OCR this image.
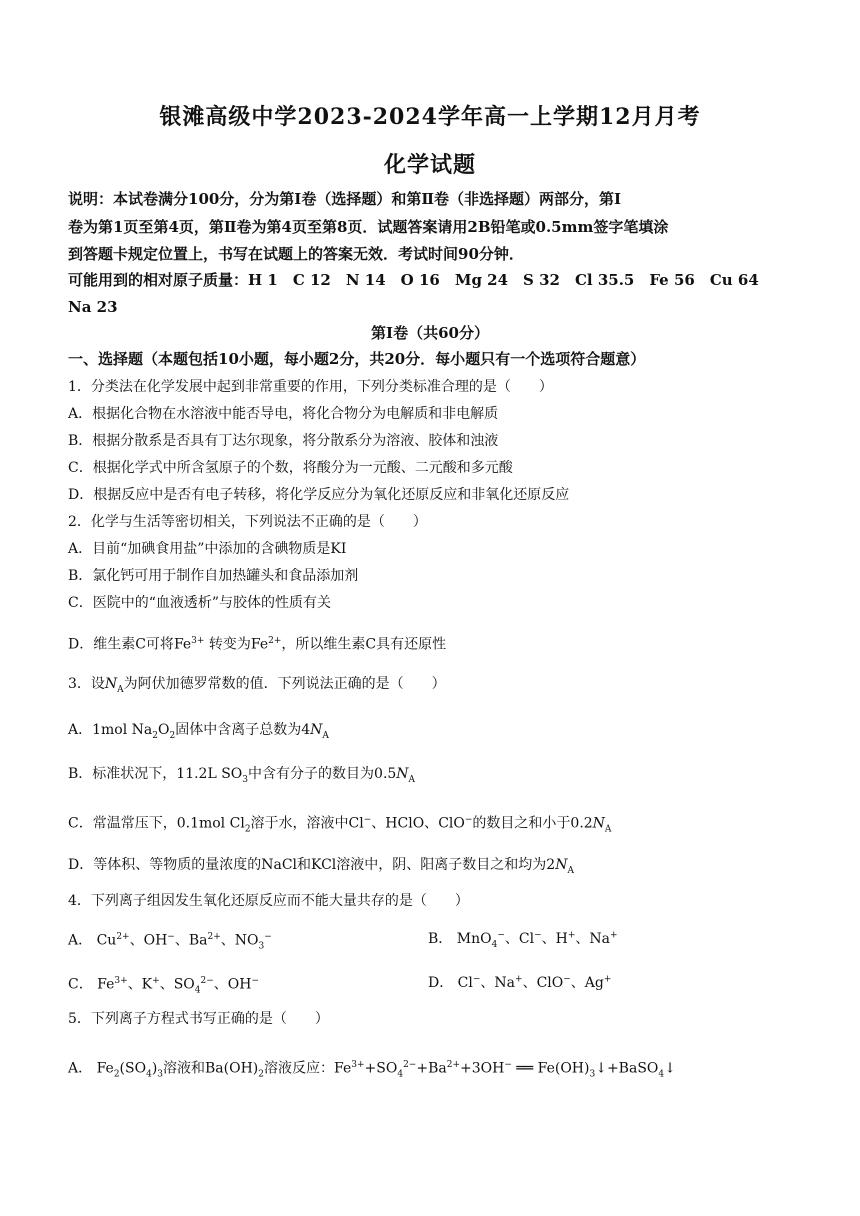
银滩高级中学2023-2024学年高一上学期12月月考
化学试题
说明：本试卷满分100分，分为第Ⅰ卷（选择题）和第Ⅱ卷（非选择题）两部分，第Ⅰ
卷为第1页至第4页，第Ⅱ卷为第4页至第8页．试题答案请用2B铅笔或0.5mm签字笔填涂
到答题卡规定位置上，书写在试题上的答案无效．考试时间90分钟．
可能用到的相对原子质量：H 1　C 12　N 14　O 16　Mg 24　S 32　Cl 35.5　Fe 56　Cu 64
Na 23
第Ⅰ卷（共60分）
一、选择题（本题包括10小题，每小题2分，共20分．每小题只有一个选项符合题意）
1．分类法在化学发展中起到非常重要的作用，下列分类标准合理的是（　　）
A．根据化合物在水溶液中能否导电，将化合物分为电解质和非电解质
B．根据分散系是否具有丁达尔现象，将分散系分为溶液、胶体和浊液
C．根据化学式中所含氢原子的个数，将酸分为一元酸、二元酸和多元酸
D．根据反应中是否有电子转移，将化学反应分为氧化还原反应和非氧化还原反应
2．化学与生活等密切相关，下列说法不正确的是（　　）
A．目前“加碘食用盐”中添加的含碘物质是KI
B．氯化钙可用于制作自加热罐头和食品添加剂
C．医院中的“血液透析”与胶体的性质有关
D．维生素C可将$Fe^{3+}$ 转变为$Fe^{2+}$，所以维生素C具有还原性
3．设$N_A$为阿伏加德罗常数的值．下列说法正确的是（　　）
A．1mol $Na_2O_2$固体中含离子总数为$4N_A$
B．标准状况下，11.2L $SO_3$中含有分子的数目为$0.5N_A$
C．常温常压下，0.1mol $Cl_2$溶于水，溶液中Cl−、HClO、ClO−的数目之和小于$0.2N_A$
D．等体积、等物质的量浓度的NaCl和KCl溶液中，阴、阳离子数目之和均为$2N_A$
4．下列离子组因发生氧化还原反应而不能大量共存的是（　　）
A． $Cu^{2+}$、OH−、$Ba^{2+}$、$NO_3^-$	B． MnO$_4$−、Cl−、H+、Na+
C． $Fe^{3+}$、K+、$SO_4^{2-}$、OH−	D． Cl−、Na+、ClO−、Ag+
5．下列离子方程式书写正确的是（　　）
A． $Fe_2(SO_4)_3$溶液和$Ba(OH)_2$溶液反应：$Fe^{3+}+SO_4^{2-}+Ba^{2+}+3OH^-$ ══ $Fe(OH)_3↓+BaSO_4↓$
